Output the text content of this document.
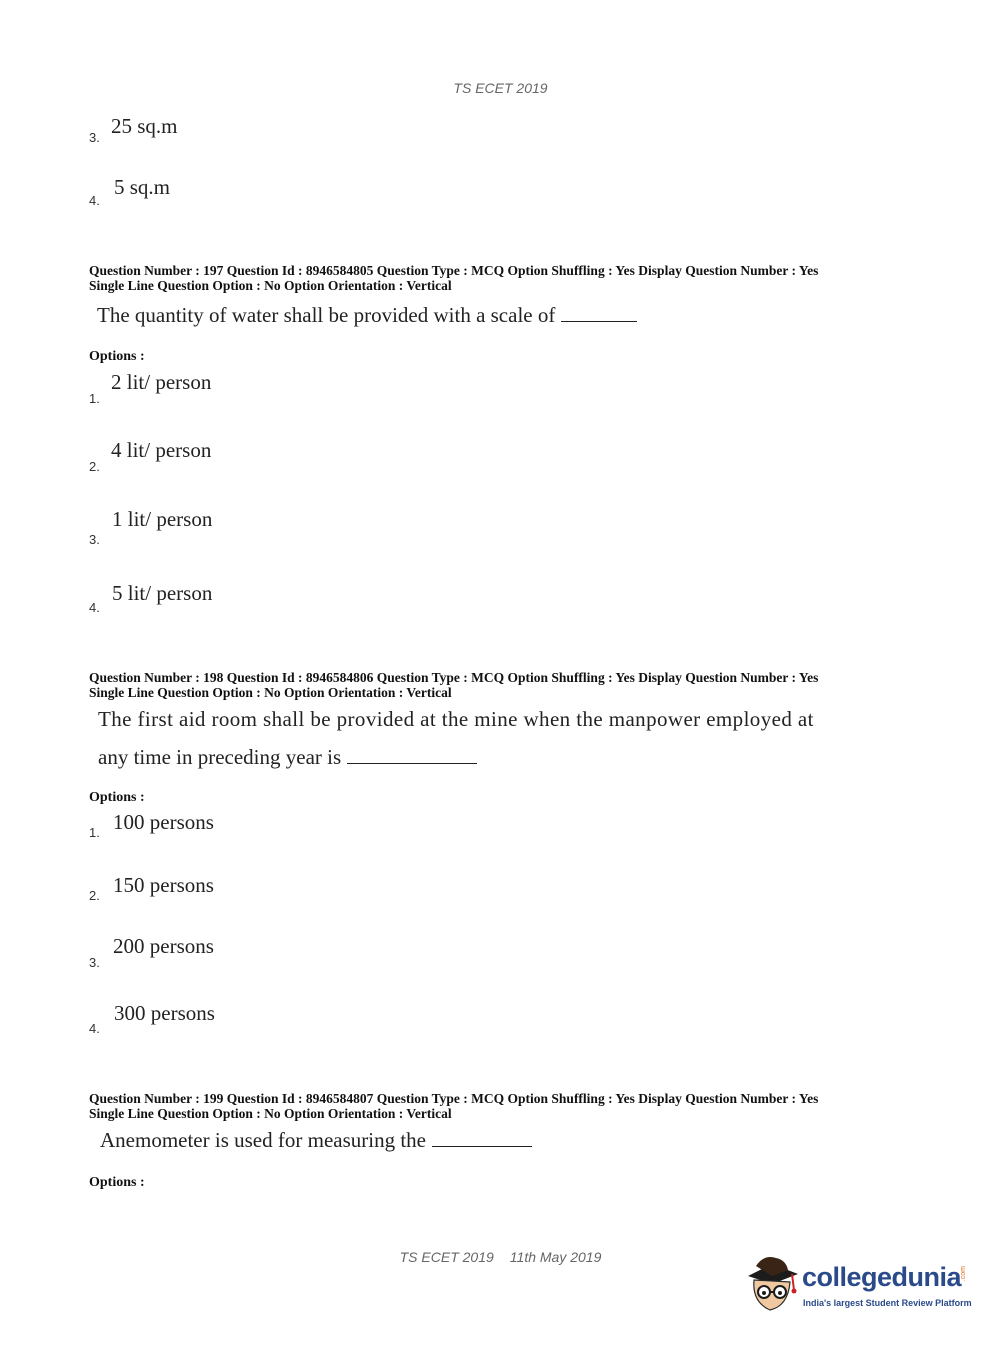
TS ECET 2019
3. 25 sq.m
4.
5 sq.m
Question Number : 197 Question Id : 8946584805 Question Type : MCQ Option Shuffling : Yes Display Question Number : Yes
Single Line Question Option : No Option Orientation : Vertical
The quantity of water shall be provided with a scale of
Options :
1.
2 lit/ person
2.
4 lit/ person
3.
1 lit/ person
4.
5 lit/ person
Question Number : 198 Question Id : 8946584806 Question Type : MCQ Option Shuffling : Yes Display Question Number : Yes
Single Line Question Option : No Option Orientation : Vertical
The first aid room shall be provided at the mine when the manpower employed at
any time in preceding year is
Options :
1. 100 persons
2. 150 persons
3.
200 persons
4.
300 persons
Question Number : 199 Question Id : 8946584807 Question Type : MCQ Option Shuffling : Yes Display Question Number : Yes
Single Line Question Option : No Option Orientation : Vertical
Anemometer is used for measuring the
Options :
TS ECET 2019 11th May 2019
collegedunia
.com
India's largest Student Review Platform
